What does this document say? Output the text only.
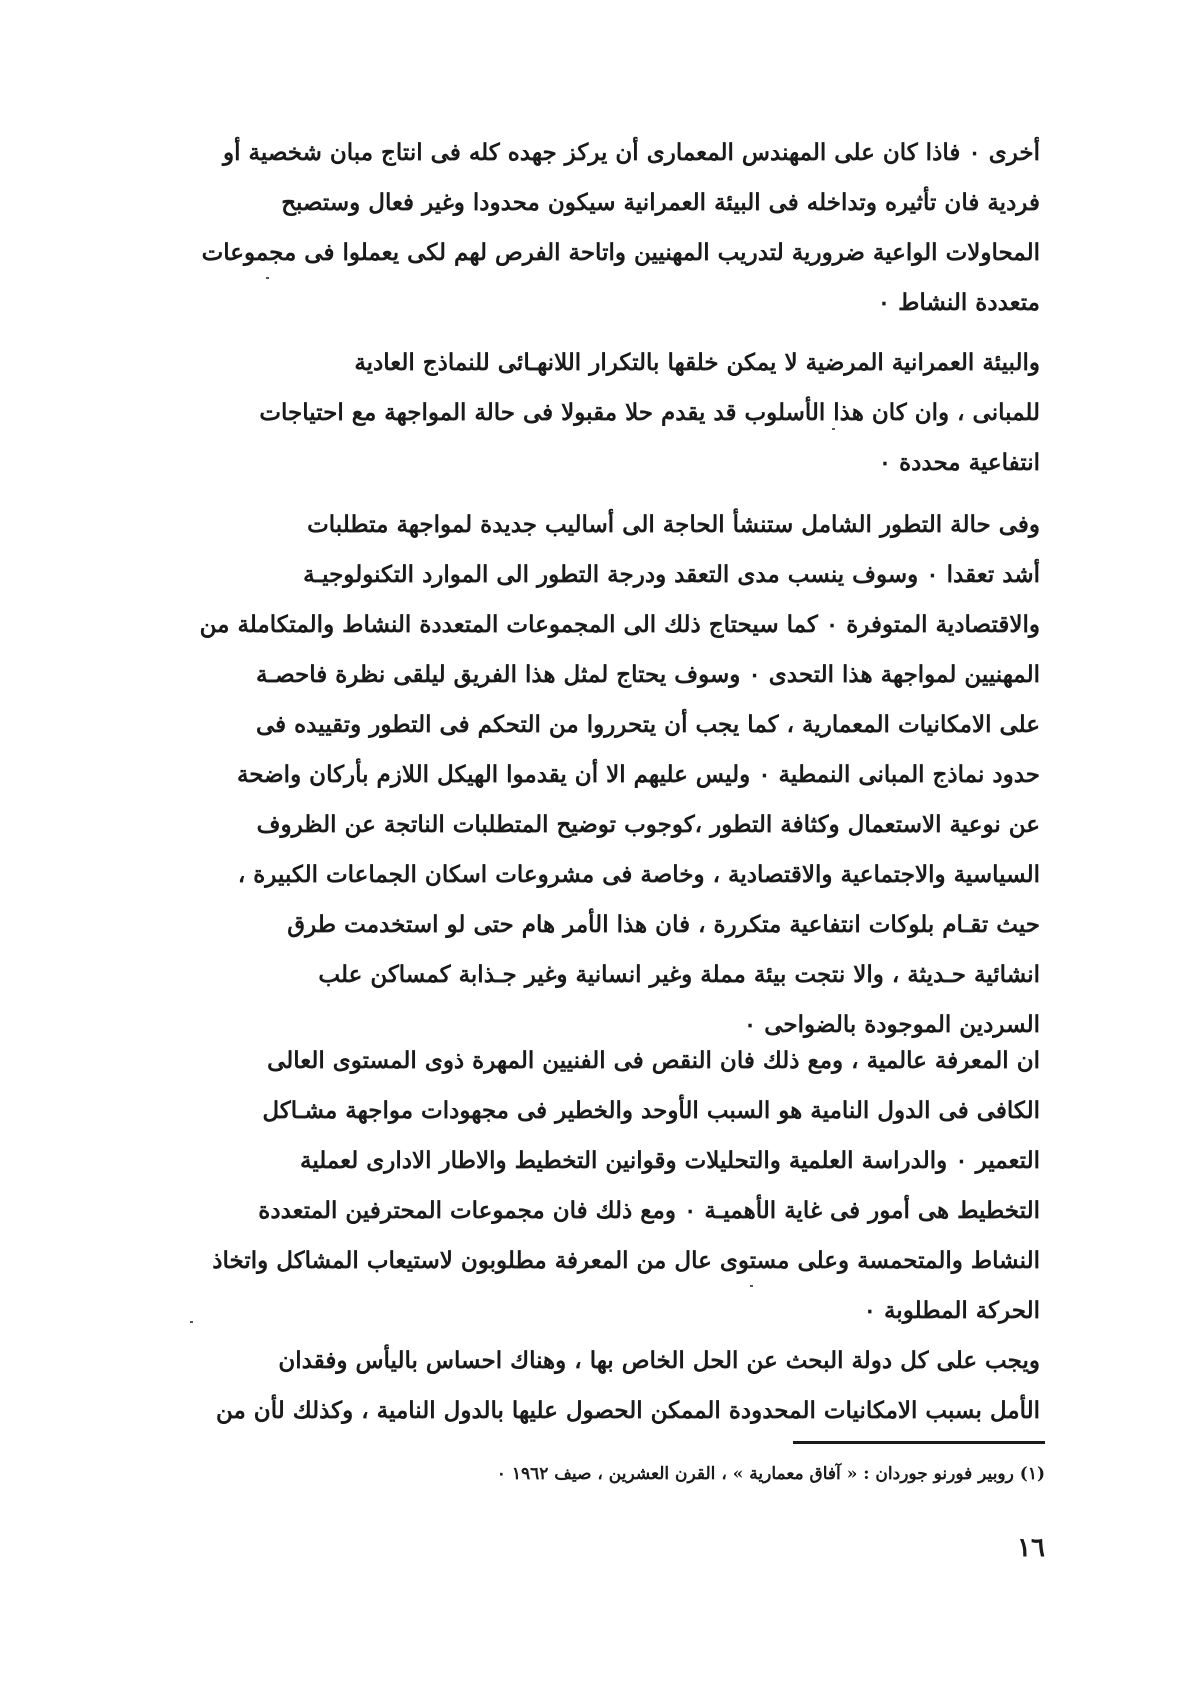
أخرى ٠ فاذا كان على المهندس المعمارى أن يركز جهده كله فى انتاج مبان شخصية أو
فردية فان تأثيره وتداخله فى البيئة العمرانية سيكون محدودا وغير فعال وستصبح
المحاولات الواعية ضرورية لتدريب المهنيين واتاحة الفرص لهم لكى يعملوا فى مجموعات
متعددة النشاط ٠
والبيئة العمرانية المرضية لا يمكن خلقها بالتكرار اللانهـائى للنماذج العادية
للمبانى ، وان كان هذا الأسلوب قد يقدم حلا مقبولا فى حالة المواجهة مع احتياجات
انتفاعية محددة ٠
وفى حالة التطور الشامل ستنشأ الحاجة الى أساليب جديدة لمواجهة متطلبات
أشد تعقدا ٠ وسوف ينسب مدى التعقد ودرجة التطور الى الموارد التكنولوجيـة
والاقتصادية المتوفرة ٠ كما سيحتاج ذلك الى المجموعات المتعددة النشاط والمتكاملة من
المهنيين لمواجهة هذا التحدى ٠ وسوف يحتاج لمثل هذا الفريق ليلقى نظرة فاحصـة
على الامكانيات المعمارية ، كما يجب أن يتحرروا من التحكم فى التطور وتقييده فى
حدود نماذج المبانى النمطية ٠ وليس عليهم الا أن يقدموا الهيكل اللازم بأركان واضحة
عن نوعية الاستعمال وكثافة التطور ،كوجوب توضيح المتطلبات الناتجة عن الظروف
السياسية والاجتماعية والاقتصادية ، وخاصة فى مشروعات اسكان الجماعات الكبيرة ،
حيث تقـام بلوكات انتفاعية متكررة ، فان هذا الأمر هام حتى لو استخدمت طرق
انشائية حـديثة ، والا نتجت بيئة مملة وغير انسانية وغير جـذابة كمساكن علب
السردين الموجودة بالضواحى ٠
ان المعرفة عالمية ، ومع ذلك فان النقص فى الفنيين المهرة ذوى المستوى العالى
الكافى فى الدول النامية هو السبب الأوحد والخطير فى مجهودات مواجهة مشـاكل
التعمير ٠ والدراسة العلمية والتحليلات وقوانين التخطيط والاطار الادارى لعملية
التخطيط هى أمور فى غاية الأهميـة ٠ ومع ذلك فان مجموعات المحترفين المتعددة
النشاط والمتحمسة وعلى مستوى عال من المعرفة مطلوبون لاستيعاب المشاكل واتخاذ
الحركة المطلوبة ٠
ويجب على كل دولة البحث عن الحل الخاص بها ، وهناك احساس باليأس وفقدان
الأمل بسبب الامكانيات المحدودة الممكن الحصول عليها بالدول النامية ، وكذلك لأن من
(١) روبير فورنو جوردان : « آفاق معمارية » ، القرن العشرين ، صيف ١٩٦٢ ٠
١٦
